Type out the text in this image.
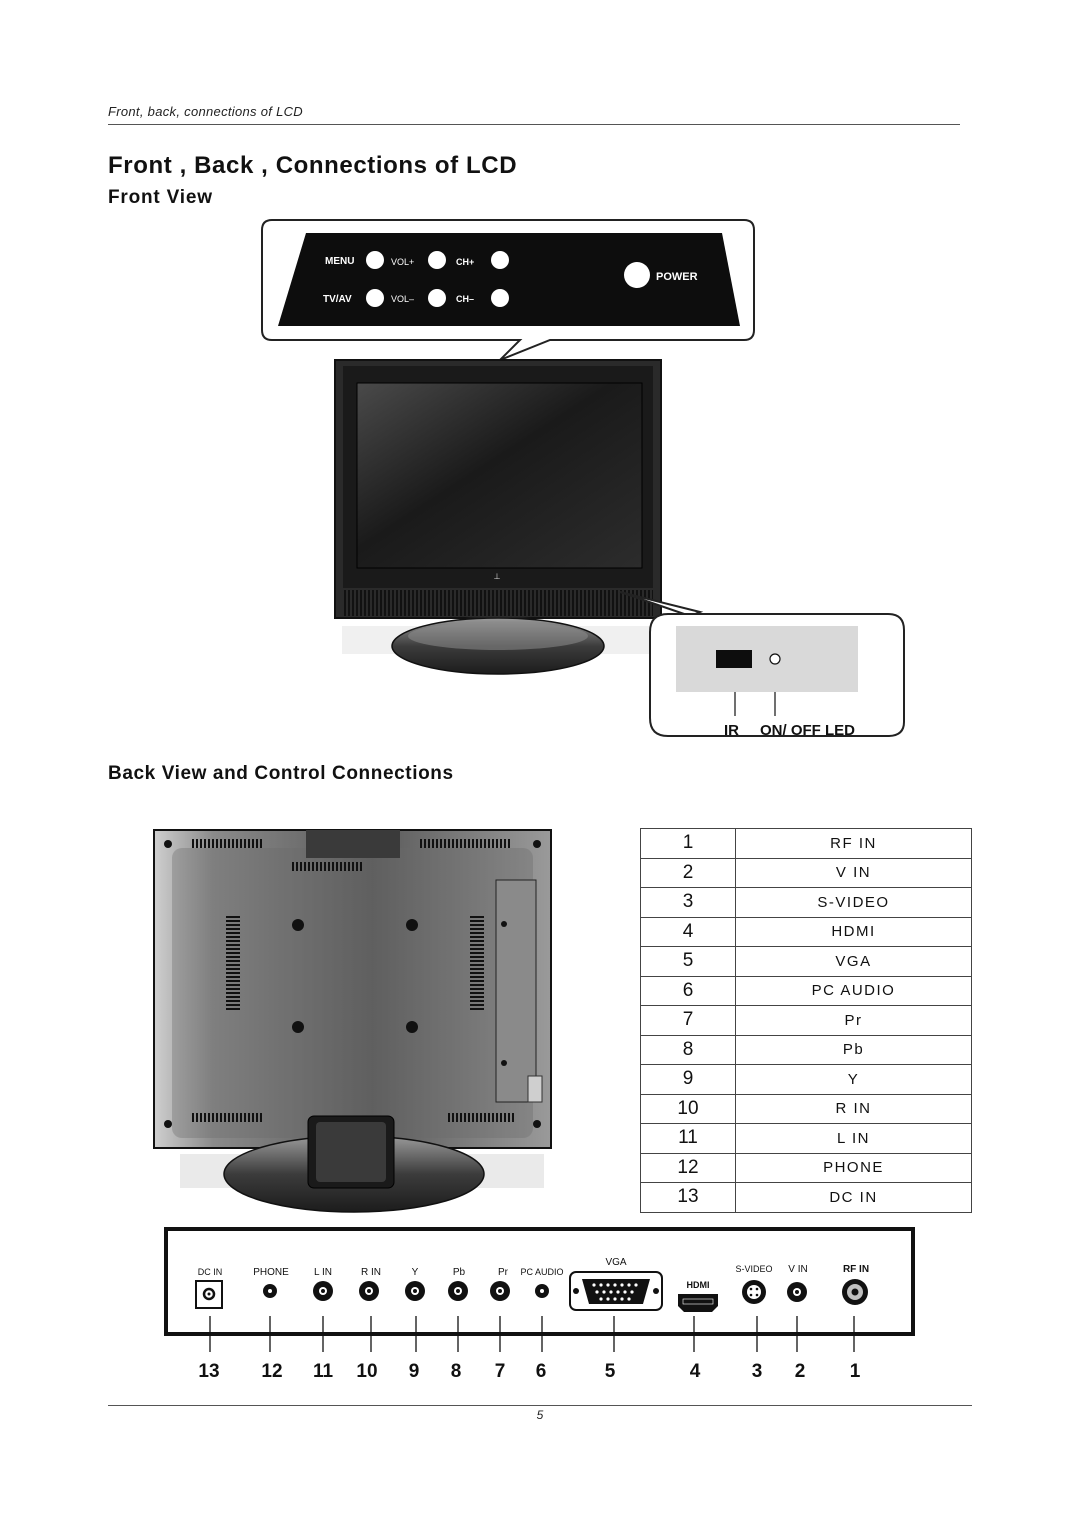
Front, back, connections of LCD
Front , Back , Connections of LCD
Front View
Back View and Control Connections
MENU	VOL+	CH+
TV/AV	VOL–	CH–
POWER
⊥
IR ON/ OFF LED
DC IN	PHONE	L IN	R IN	Y	Pb	Pr PC AUDIO
VGA
HDMI
S-VIDEO V IN	RF IN
1	RF IN
2	V IN
3	S-VIDEO
4	HDMI
5	VGA
6	PC AUDIO
7	Pr
8	Pb
9	Y
10	R IN
11	L IN
12	PHONE
13	DC IN
13 12 11 10 9 8 7 6	5	4	3 2 1
5
